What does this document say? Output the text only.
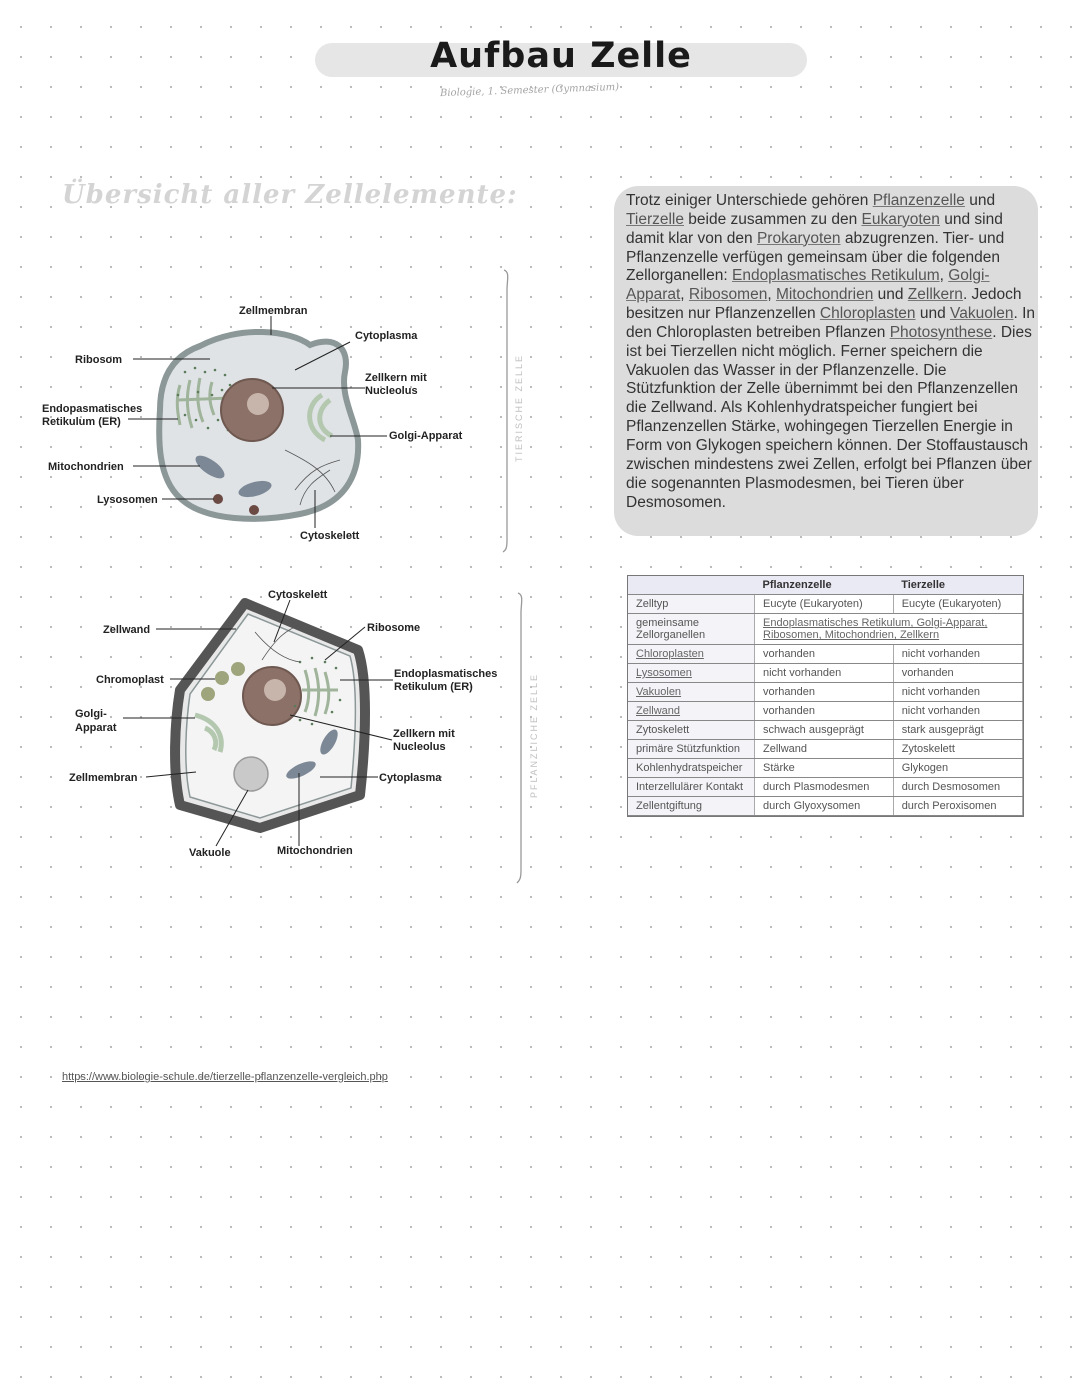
Aufbau Zelle
Biologie, 1. Semester (Gymnasium)
Übersicht aller Zellelemente:
Zellmembran
Cytoplasma
Ribosom
Zellkern mit
Nucleolus
Endopasmatisches
Retikulum (ER)
Golgi-Apparat
Mitochondrien
Lysosomen
Cytoskelett
TIERISCHE ZELLE
Cytoskelett
Zellwand	Ribosome
Chromoplast	Endoplasmatisches
Retikulum (ER)
Golgi-
Apparat	Zellkern mit
Nucleolus
Zellmembran	Cytoplasma
Vakuole	Mitochondrien
PFLANZLICHE ZELLE
Trotz einiger Unterschiede gehören Pflanzenzelle und Tierzelle beide zusammen zu den Eukaryoten und sind damit klar von den Prokaryoten abzugrenzen. Tier- und Pflanzenzelle verfügen gemeinsam über die folgenden Zellorganellen: Endoplasmatisches Retikulum, Golgi-Apparat, Ribosomen, Mitochondrien und Zellkern. Jedoch besitzen nur Pflanzenzellen Chloroplasten und Vakuolen. In den Chloroplasten betreiben Pflanzen Photosynthese. Dies ist bei Tierzellen nicht möglich. Ferner speichern die Vakuolen das Wasser in der Pflanzenzelle. Die Stützfunktion der Zelle übernimmt bei den Pflanzenzellen die Zellwand. Als Kohlenhydratspeicher fungiert bei Pflanzenzellen Stärke, wohingegen Tierzellen Energie in Form von Glykogen speichern können. Der Stoffaustausch zwischen mindestens zwei Zellen, erfolgt bei Pflanzen über die sogenannten Plasmodesmen, bei Tieren über Desmosomen.
	Pflanzenzelle	Tierzelle
Zelltyp	Eucyte (Eukaryoten)	Eucyte (Eukaryoten)
gemeinsame Zellorganellen	Endoplasmatisches Retikulum, Golgi-Apparat, Ribosomen, Mitochondrien, Zellkern	
Chloroplasten	vorhanden	nicht vorhanden
Lysosomen	nicht vorhanden	vorhanden
Vakuolen	vorhanden	nicht vorhanden
Zellwand	vorhanden	nicht vorhanden
Zytoskelett	schwach ausgeprägt	stark ausgeprägt
primäre Stützfunktion	Zellwand	Zytoskelett
Kohlenhydratspeicher	Stärke	Glykogen
Interzellulärer Kontakt	durch Plasmodesmen	durch Desmosomen
Zellentgiftung	durch Glyoxysomen	durch Peroxisomen
https://www.biologie-schule.de/tierzelle-pflanzenzelle-vergleich.php
